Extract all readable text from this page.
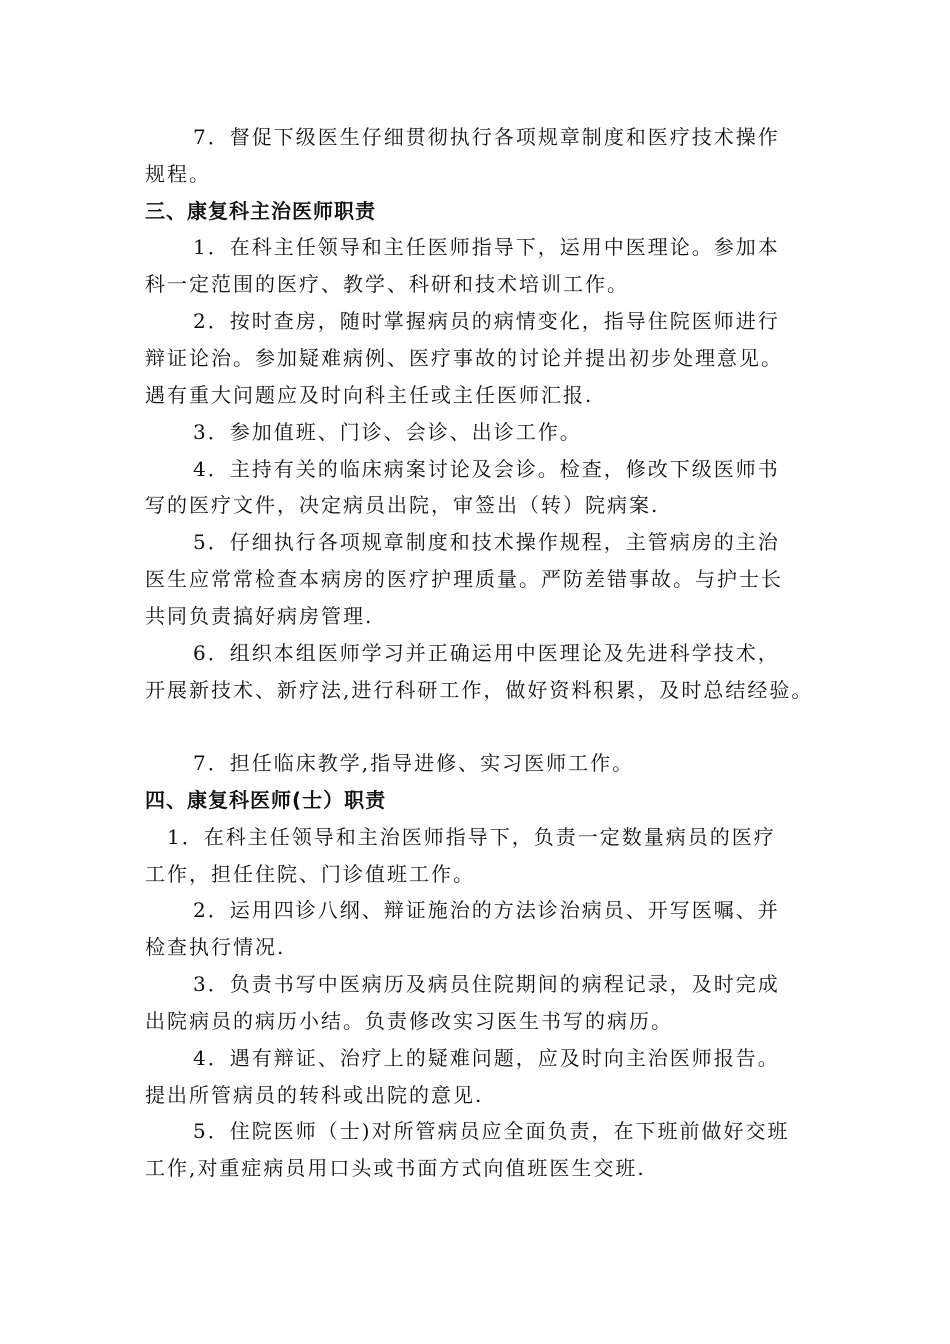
7．督促下级医生仔细贯彻执行各项规章制度和医疗技术操作
规程。
三、康复科主治医师职责
1．在科主任领导和主任医师指导下，运用中医理论。参加本
科一定范围的医疗、教学、科研和技术培训工作。
2．按时查房，随时掌握病员的病情变化，指导住院医师进行
辩证论治。参加疑难病例、医疗事故的讨论并提出初步处理意见。
遇有重大问题应及时向科主任或主任医师汇报.
3．参加值班、门诊、会诊、出诊工作。
4．主持有关的临床病案讨论及会诊。检查，修改下级医师书
写的医疗文件，决定病员出院，审签出（转）院病案.
5．仔细执行各项规章制度和技术操作规程，主管病房的主治
医生应常常检查本病房的医疗护理质量。严防差错事故。与护士长
共同负责搞好病房管理.
6．组织本组医师学习并正确运用中医理论及先进科学技术，
开展新技术、新疗法,进行科研工作，做好资料积累，及时总结经验。
7．担任临床教学,指导进修、实习医师工作。
四、康复科医师(士）职责
1．在科主任领导和主治医师指导下，负责一定数量病员的医疗
工作，担任住院、门诊值班工作。
2．运用四诊八纲、辩证施治的方法诊治病员、开写医嘱、并
检查执行情况.
3．负责书写中医病历及病员住院期间的病程记录，及时完成
出院病员的病历小结。负责修改实习医生书写的病历。
4．遇有辩证、治疗上的疑难问题，应及时向主治医师报告。
提出所管病员的转科或出院的意见.
5．住院医师（士)对所管病员应全面负责，在下班前做好交班
工作,对重症病员用口头或书面方式向值班医生交班.
